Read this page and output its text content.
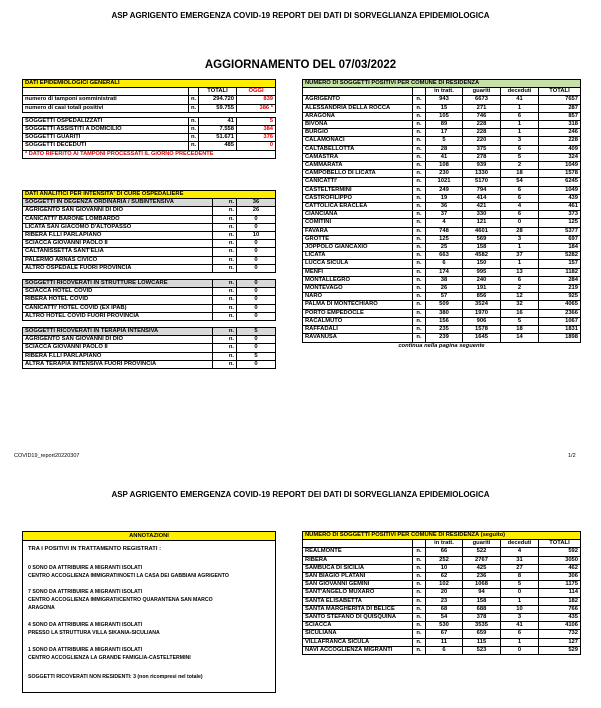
ASP AGRIGENTO EMERGENZA COVID-19 REPORT DEI DATI DI SORVEGLIANZA EPIDEMIOLOGICA
AGGIORNAMENTO DEL 07/03/2022
DATI EPIDEMIOLOGICI GENERALI			
		TOTALI	OGGI
numero di tamponi somministrati	n.	294.720	839
numero di casi totali positivi	n.	59.755	386 *

SOGGETTI OSPEDALIZZATI	n.	41	5
SOGGETTI ASSISTITI A DOMICILIO	n.	7.558	384
SOGGETTI GUARITI	n.	51.671	376
SOGGETTI DECEDUTI	n.	485	0
* DATO RIFERITO AI TAMPONI PROCESSATI IL GIORNO PRECEDENTE			
DATI ANALITICI PER INTENSITA' DI CURE OSPEDALIERE		
SOGGETTI IN DEGENZA ORDINARIA / SUBINTENSIVA	n.	36
AGRIGENTO SAN GIOVANNI DI DIO	n.	26
CANICATTI' BARONE LOMBARDO	n.	0
LICATA SAN GIACOMO D'ALTOPASSO	n.	0
RIBERA F.LLI PARLAPIANO	n.	10
SCIACCA GIOVANNI PAOLO II	n.	0
CALTANISSETTA SANT'ELIA	n.	0
PALERMO ARNAS CIVICO	n.	0
ALTRO OSPEDALE FUORI PROVINCIA	n.	0

SOGGETTI RICOVERATI IN STRUTTURE LOWCARE	n.	0
SCIACCA HOTEL COVID	n.	0
RIBERA HOTEL COVID	n.	0
CANICATTI' HOTEL COVID (EX IPAB)	n.	0
ALTRO HOTEL COVID FUORI PROVINCIA	n.	0

SOGGETTI RICOVERATI IN TERAPIA INTENSIVA	n.	5
AGRIGENTO SAN GIOVANNI DI DIO	n.	0
SCIACCA GIOVANNI PAOLO II	n.	0
RIBERA F.LLI PARLAPIANO	n.	5
ALTRA TERAPIA INTENSIVA FUORI PROVINCIA	n.	0
NUMERO DI SOGGETTI POSITIVI PER COMUNE DI RESIDENZA					
		in tratt.	guariti	deceduti	TOTALI
AGRIGENTO	n.	943	6673	41	7657
ALESSANDRIA DELLA ROCCA	n.	15	271	1	287
ARAGONA	n.	105	746	6	857
BIVONA	n.	89	228	1	318
BURGIO	n.	17	228	1	246
CALAMONACI	n.	5	220	3	228
CALTABELLOTTA	n.	28	375	6	409
CAMASTRA	n.	41	278	5	324
CAMMARATA	n.	108	939	2	1049
CAMPOBELLO DI LICATA	n.	230	1330	18	1578
CANICATTI'	n.	1021	5170	54	6245
CASTELTERMINI	n.	249	794	6	1049
CASTROFILIPPO	n.	19	414	6	439
CATTOLICA ERACLEA	n.	36	421	4	461
CIANCIANA	n.	37	330	6	373
COMITINI	n.	4	121	0	125
FAVARA	n.	748	4601	28	5377
GROTTE	n.	125	569	3	697
JOPPOLO GIANCAXIO	n.	25	158	1	184
LICATA	n.	663	4582	37	5282
LUCCA SICULA	n.	6	150	1	157
MENFI	n.	174	995	13	1182
MONTALLEGRO	n.	38	240	6	284
MONTEVAGO	n.	26	191	2	219
NARO	n.	57	856	12	925
PALMA DI MONTECHIARO	n.	509	3524	32	4065
PORTO EMPEDOCLE	n.	380	1970	16	2366
RACALMUTO	n.	156	906	5	1067
RAFFADALI	n.	235	1578	18	1831
RAVANUSA	n.	239	1645	14	1898
continua nella pagina seguente					
COVID19_report20220307	1/2
ASP AGRIGENTO EMERGENZA COVID-19 REPORT DEI DATI DI SORVEGLIANZA EPIDEMIOLOGICA
ANNOTAZIONI
TRA I POSITIVI IN TRATTAMENTO REGISTRATI :
0 SONO DA ATTRIBUIRE A MIGRANTI ISOLATI
CENTRO ACCOGLIENZA IMMIGRATI/NOETI LA CASA DEI GABBIANI AGRIGENTO
7 SONO DA ATTRIBUIRE A MIGRANTI ISOLATI
CENTRO ACCOGLIENZA IMMIGRATI/CENTRO QUARANTENA SAN MARCO
ARAGONA
4 SONO DA ATTRIBUIRE A MIGRANTI ISOLATI
PRESSO LA STRUTTURA VILLA SIKANIA-SICULIANA
1 SONO DA ATTRIBUIRE A MIGRANTI ISOLATI
CENTRO ACCOGLIENZA LA GRANDE FAMIGLIA-CASTELTERMINI
SOGGETTI RICOVERATI NON RESIDENTI: 3 (non ricompresi nel totale)
NUMERO DI SOGGETTI POSITIVI PER COMUNE DI RESIDENZA (seguito)					
		in tratt.	guariti	deceduti	TOTALI
REALMONTE	n.	66	522	4	592
RIBERA	n.	252	2767	31	3050
SAMBUCA DI SICILIA	n.	10	425	27	462
SAN BIAGIO PLATANI	n.	62	236	8	306
SAN GIOVANNI GEMINI	n.	102	1068	5	1175
SANT'ANGELO MUXARO	n.	20	94	0	114
SANTA ELISABETTA	n.	23	158	1	182
SANTA MARGHERITA DI BELICE	n.	68	688	10	766
SANTO STEFANO DI QUISQUINA	n.	54	378	3	435
SCIACCA	n.	530	3535	41	4106
SICULIANA	n.	67	659	6	732
VILLAFRANCA SICULA	n.	11	115	1	127
NAVI ACCOGLIENZA MIGRANTI	n.	6	523	0	529
